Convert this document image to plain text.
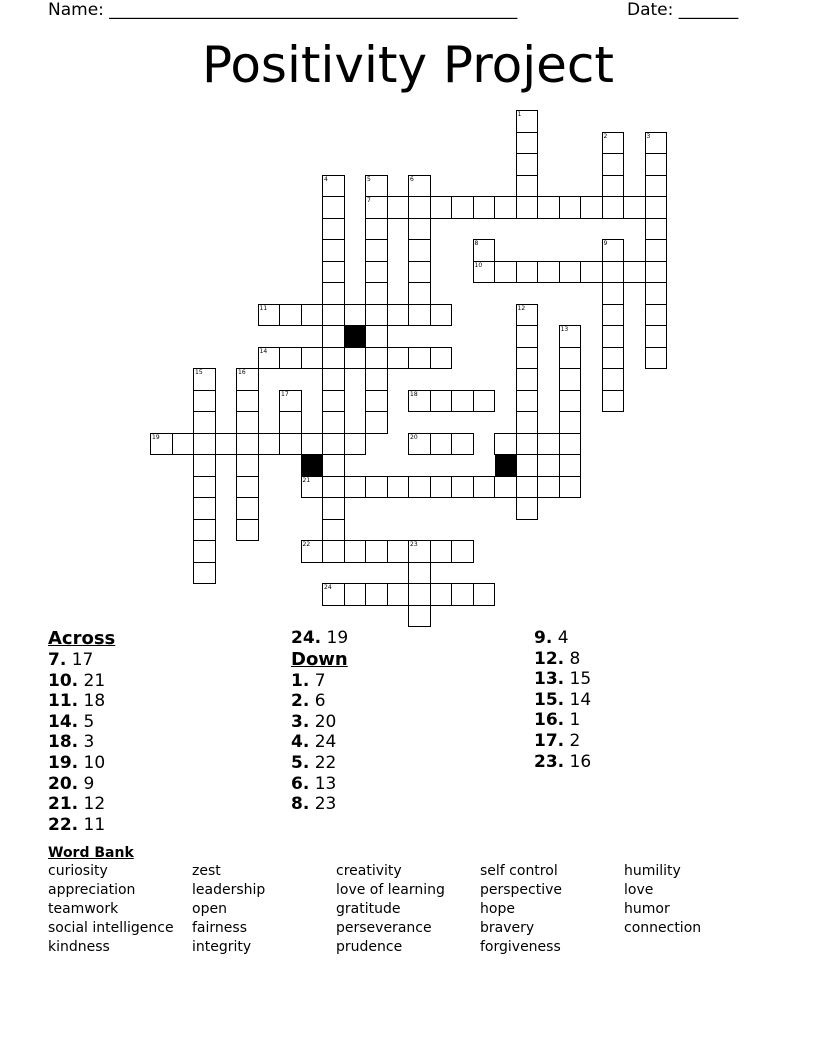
Name: ________________________________________________	Date: _______
Positivity Project
1
2	3
4	5
7
6
8
10
9
11	12
13
14
15	16
17	18
19	20
21
22	23
24
Across
7. 17
10. 21
11. 18
14. 5
18. 3
19. 10
20. 9
21. 12
22. 11
24. 19
Down
1. 7
2. 6
3. 20
4. 24
5. 22
6. 13
8. 23
9. 4
12. 8
13. 15
15. 14
16. 1
17. 2
23. 16
Word Bank
curiosity
appreciation
teamwork
social intelligence
kindness
zest
leadership
open
fairness
integrity
creativity
love of learning
gratitude
perseverance
prudence
self control
perspective
hope
bravery
forgiveness
humility
love
humor
connection
